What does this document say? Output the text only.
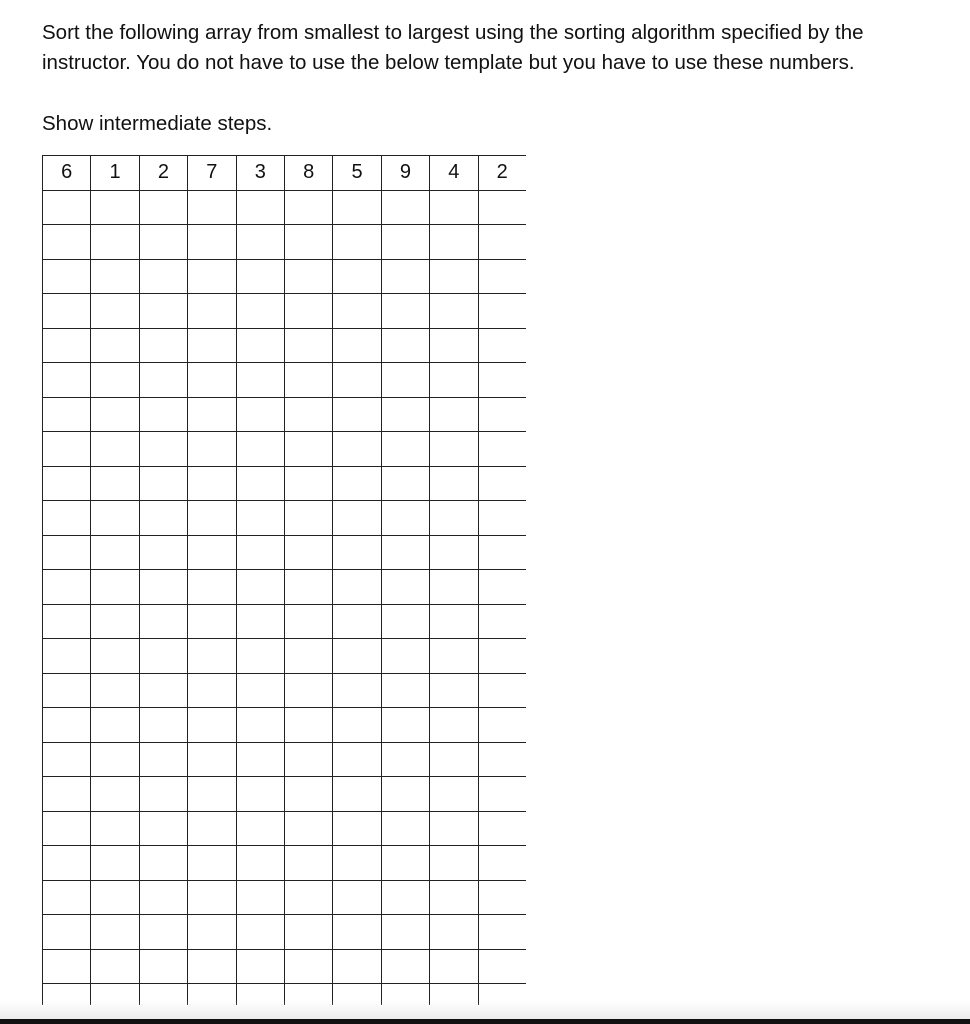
Sort the following array from smallest to largest using the sorting algorithm specified by the

instructor. You do not have to use the below template but you have to use these numbers.

Show intermediate steps.

6	1	2	7	3	8	5	9	4	2
